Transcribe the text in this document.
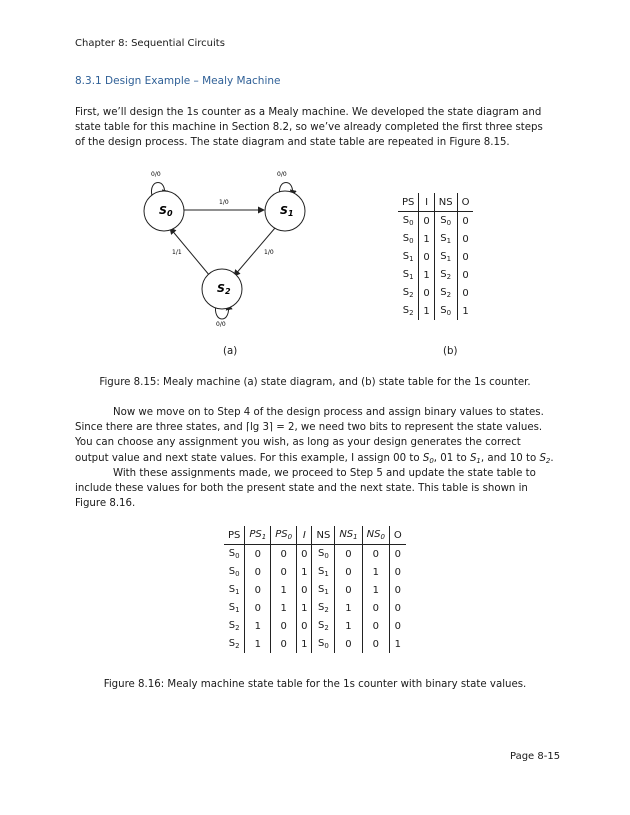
Chapter 8: Sequential Circuits
8.3.1 Design Example – Mealy Machine
First, we’ll design the 1s counter as a Mealy machine. We developed the state diagram and state table for this machine in Section 8.2, so we’ve already completed the first three steps of the design process. The state diagram and state table are repeated in Figure 8.15.
S0	S1
S2
0/0	0/0
0/0
1/0
1/0
1/1
PS	I	NS	O
$S_0$	0	$S_0$	0
$S_0$	1	$S_1$	0
$S_1$	0	$S_1$	0
$S_1$	1	$S_2$	0
$S_2$	0	$S_2$	0
$S_2$	1	$S_0$	1
(a)	(b)
Figure 8.15: Mealy machine (a) state diagram, and (b) state table for the 1s counter.
Now we move on to Step 4 of the design process and assign binary values to states. Since there are three states, and ⌈lg 3⌉ = 2, we need two bits to represent the state values. You can choose any assignment you wish, as long as your design generates the correct output value and next state values. For this example, I assign 00 to $S_0$, 01 to $S_1$, and 10 to $S_2$.
With these assignments made, we proceed to Step 5 and update the state table to include these values for both the present state and the next state. This table is shown in Figure 8.16.
PS	$PS_1$	$PS_0$	I	NS	$NS_1$	$NS_0$	O
$S_0$	0	0	0	$S_0$	0	0	0
$S_0$	0	0	1	$S_1$	0	1	0
$S_1$	0	1	0	$S_1$	0	1	0
$S_1$	0	1	1	$S_2$	1	0	0
$S_2$	1	0	0	$S_2$	1	0	0
$S_2$	1	0	1	$S_0$	0	0	1
Figure 8.16: Mealy machine state table for the 1s counter with binary state values.
Page 8-15
